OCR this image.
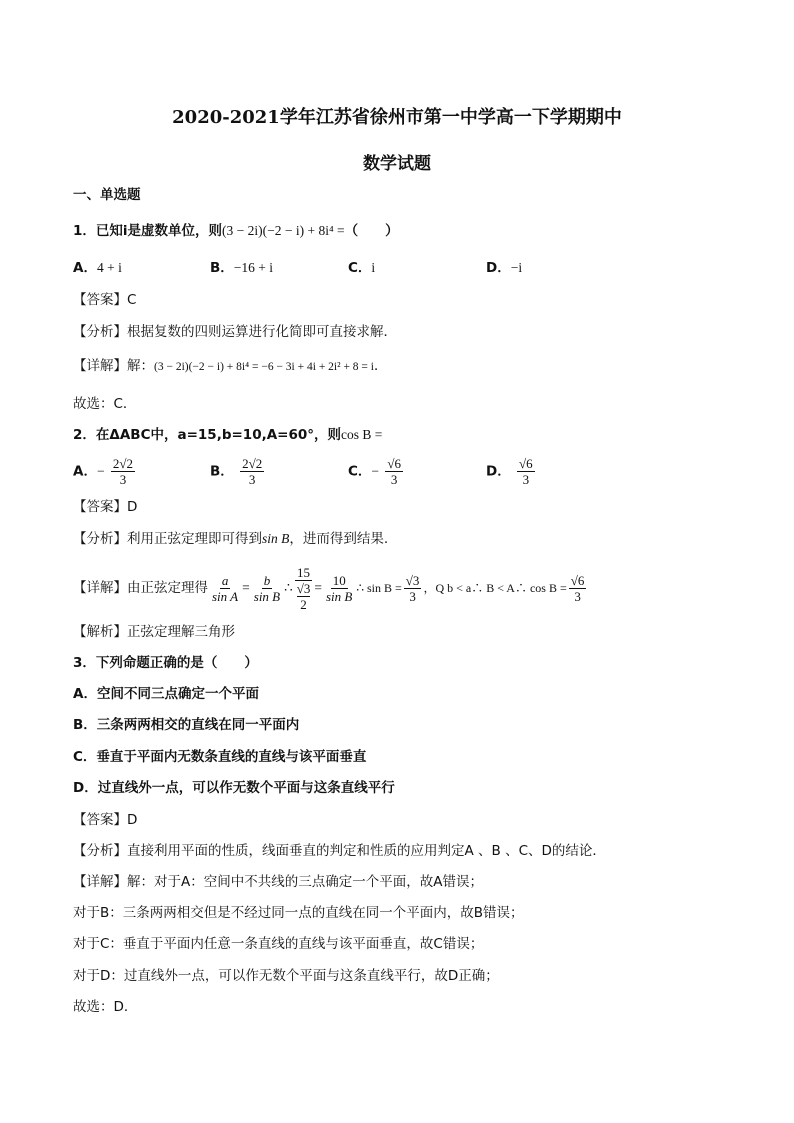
2020-2021学年江苏省徐州市第一中学高一下学期期中
数学试题
一、单选题
1．已知i是虚数单位，则(3 − 2i)(−2 − i) + 8i⁴ =（　　）
A．4 + i	B．−16 + i	C．i	D．−i
【答案】C
【分析】根据复数的四则运算进行化简即可直接求解．
【详解】解：(3 − 2i)(−2 − i) + 8i⁴ = −6 − 3i + 4i + 2i² + 8 = i．
故选：C．
2．在ΔABC中，a=15,b=10,A=60°，则cos B =
A．− $\frac{2√2}{3}$	B． $\frac{2√2}{3}$	C．− $\frac{√6}{3}$	D． $\frac{√6}{3}$
【答案】D
【分析】利用正弦定理即可得到sin B，进而得到结果.
【详解】由正弦定理得 $\frac{a}{\text{sin A}} = \frac{b}{\text{sin B}}$ ∴ 15
√3
$2 = \frac{10}{\text{sin B}}$ ∴ $\sin B = \frac{√3}{3}$ ，Q b < a∴ B < A∴ $\cos B = \frac{√6}{3}$
【解析】正弦定理解三角形
3．下列命题正确的是（　　）
A．空间不同三点确定一个平面
B．三条两两相交的直线在同一平面内
C．垂直于平面内无数条直线的直线与该平面垂直
D．过直线外一点，可以作无数个平面与这条直线平行
【答案】D
【分析】直接利用平面的性质，线面垂直的判定和性质的应用判定A 、B 、C、D的结论．
【详解】解：对于A：空间中不共线的三点确定一个平面，故A错误；
对于B：三条两两相交但是不经过同一点的直线在同一个平面内，故B错误；
对于C：垂直于平面内任意一条直线的直线与该平面垂直，故C错误；
对于D：过直线外一点，可以作无数个平面与这条直线平行，故D正确；
故选：D．
